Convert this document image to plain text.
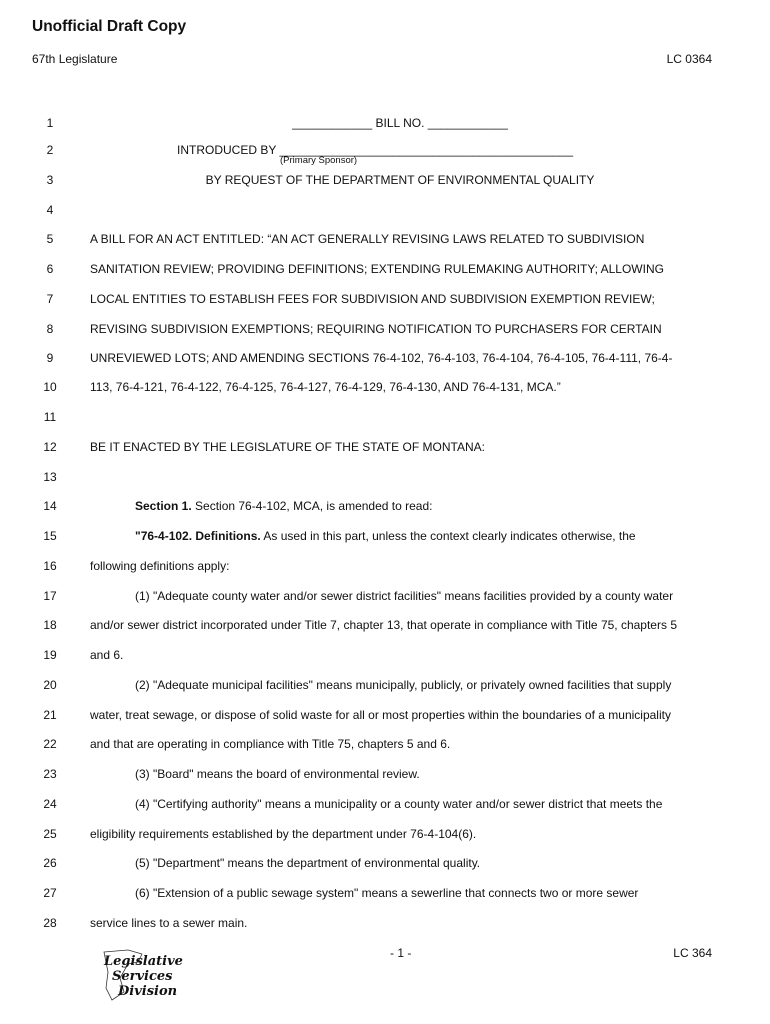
Unofficial Draft Copy
67th Legislature	LC 0364
1	____________ BILL NO. ____________
2	INTRODUCED BY ____________________________________________
3	BY REQUEST OF THE DEPARTMENT OF ENVIRONMENTAL QUALITY
4
5	A BILL FOR AN ACT ENTITLED: “AN ACT GENERALLY REVISING LAWS RELATED TO SUBDIVISION
6	SANITATION REVIEW; PROVIDING DEFINITIONS; EXTENDING RULEMAKING AUTHORITY; ALLOWING
7	LOCAL ENTITIES TO ESTABLISH FEES FOR SUBDIVISION AND SUBDIVISION EXEMPTION REVIEW;
8	REVISING SUBDIVISION EXEMPTIONS; REQUIRING NOTIFICATION TO PURCHASERS FOR CERTAIN
9	UNREVIEWED LOTS; AND AMENDING SECTIONS 76-4-102, 76-4-103, 76-4-104, 76-4-105, 76-4-111, 76-4-
10	113, 76-4-121, 76-4-122, 76-4-125, 76-4-127, 76-4-129, 76-4-130, AND 76-4-131, MCA.”
11
12	BE IT ENACTED BY THE LEGISLATURE OF THE STATE OF MONTANA:
13
14	Section 1. Section 76-4-102, MCA, is amended to read:
15	"76-4-102. Definitions. As used in this part, unless the context clearly indicates otherwise, the
16	following definitions apply:
17	(1) "Adequate county water and/or sewer district facilities" means facilities provided by a county water
18	and/or sewer district incorporated under Title 7, chapter 13, that operate in compliance with Title 75, chapters 5
19	and 6.
20	(2) "Adequate municipal facilities" means municipally, publicly, or privately owned facilities that supply
21	water, treat sewage, or dispose of solid waste for all or most properties within the boundaries of a municipality
22	and that are operating in compliance with Title 75, chapters 5 and 6.
23	(3) "Board" means the board of environmental review.
24	(4) "Certifying authority" means a municipality or a county water and/or sewer district that meets the
25	eligibility requirements established by the department under 76-4-104(6).
26	(5) "Department" means the department of environmental quality.
27	(6) "Extension of a public sewage system" means a sewerline that connects two or more sewer
28	service lines to a sewer main.
(Primary Sponsor)
Legislative
Services
Division
- 1 -	LC 364
